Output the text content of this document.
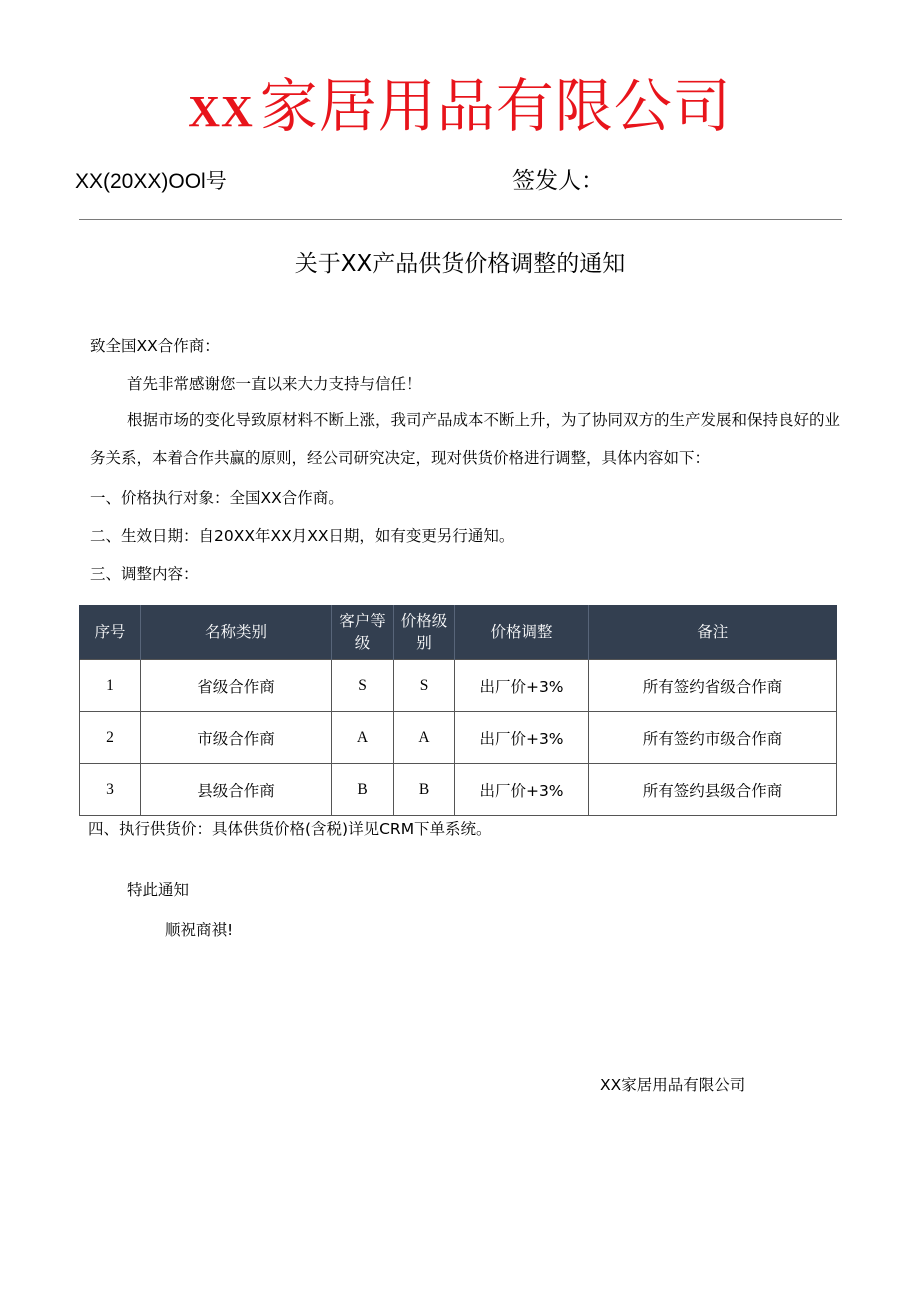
XX 家居用品有限公司
XX(20XX)OOl号	签发人：
关于XX产品供货价格调整的通知
致全国XX合作商：
首先非常感谢您一直以来大力支持与信任！
根据市场的变化导致原材料不断上涨，我司产品成本不断上升，为了协同双方的生产发展和保持良好的业务关系，本着合作共赢的原则，经公司研究决定，现对供货价格进行调整，具体内容如下：
一、价格执行对象：全国XX合作商。
二、生效日期：自20XX年XX月XX日期，如有变更另行通知。
三、调整内容：
序号	名称类别	客户等级	价格级别	价格调整	备注
1	省级合作商	S	S	出厂价+3%	所有签约省级合作商
2	市级合作商	A	A	出厂价+3%	所有签约市级合作商
3	县级合作商	B	B	出厂价+3%	所有签约县级合作商
四、执行供货价：具体供货价格(含税)详见CRM下单系统。
特此通知
顺祝商祺!
XX家居用品有限公司
